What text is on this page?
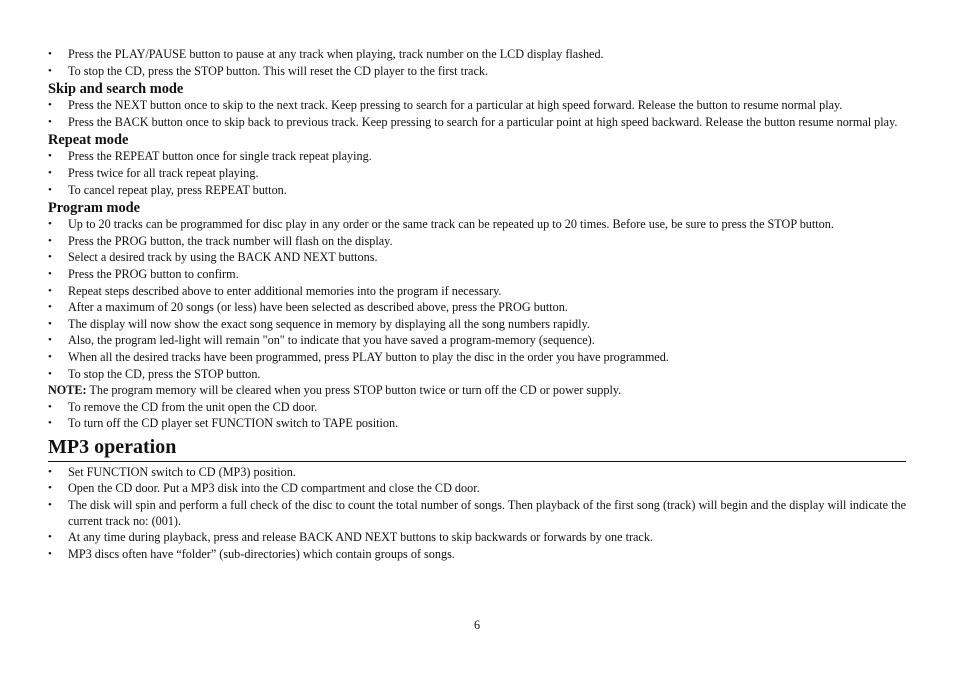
• Press the PLAY/PAUSE button to pause at any track when playing, track number on the LCD display flashed.
• To stop the CD, press the STOP button. This will reset the CD player to the first track.
Skip and search mode
• Press the NEXT button once to skip to the next track. Keep pressing to search for a particular at high speed forward. Release the button to resume normal play.
• Press the BACK button once to skip back to previous track. Keep pressing to search for a particular point at high speed backward. Release the button resume normal play.
Repeat mode
• Press the REPEAT button once for single track repeat playing.
• Press twice for all track repeat playing.
• To cancel repeat play, press REPEAT button.
Program mode
• Up to 20 tracks can be programmed for disc play in any order or the same track can be repeated up to 20 times. Before use, be sure to press the STOP button.
• Press the PROG button, the track number will flash on the display.
• Select a desired track by using the BACK AND NEXT buttons.
• Press the PROG button to confirm.
• Repeat steps described above to enter additional memories into the program if necessary.
• After a maximum of 20 songs (or less) have been selected as described above, press the PROG button.
• The display will now show the exact song sequence in memory by displaying all the song numbers rapidly.
• Also, the program led-light will remain "on" to indicate that you have saved a program-memory (sequence).
• When all the desired tracks have been programmed, press PLAY button to play the disc in the order you have programmed.
• To stop the CD, press the STOP button.

NOTE: The program memory will be cleared when you press STOP button twice or turn off the CD or power supply.

• To remove the CD from the unit open the CD door.
• To turn off the CD player set FUNCTION switch to TAPE position.
MP3 operation
• Set FUNCTION switch to CD (MP3) position.
• Open the CD door. Put a MP3 disk into the CD compartment and close the CD door.
• The disk will spin and perform a full check of the disc to count the total number of songs. Then playback of the first song (track) will begin and the display will indicate the current track no: (001).
• At any time during playback, press and release BACK AND NEXT buttons to skip backwards or forwards by one track.
• MP3 discs often have “folder” (sub-directories) which contain groups of songs.
6
